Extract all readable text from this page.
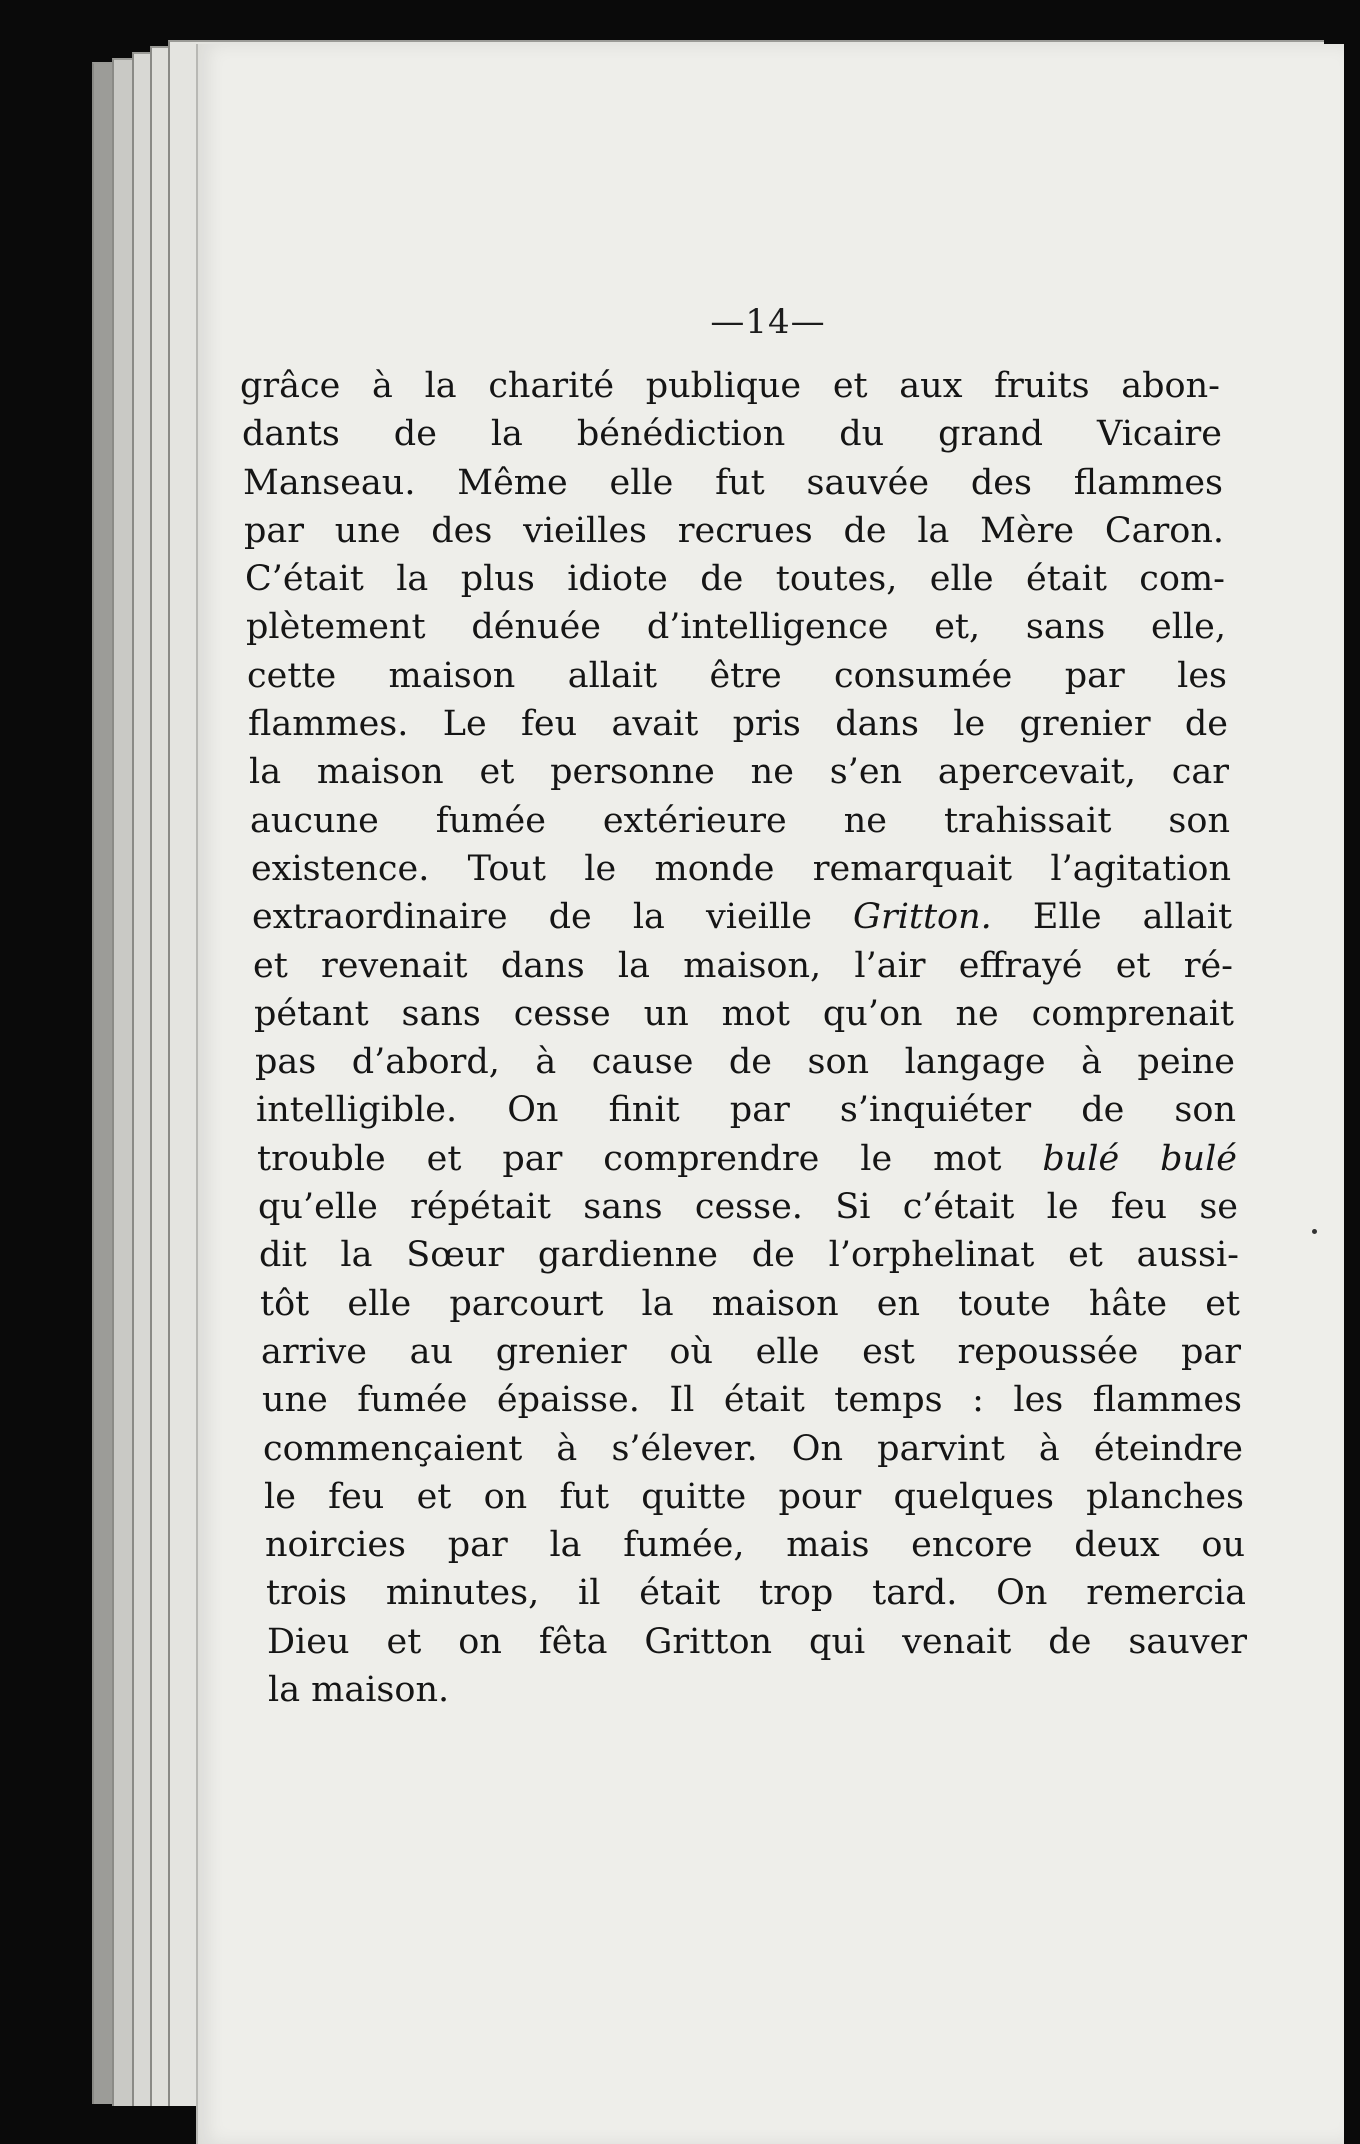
—14—
grâce à la charité publique et aux fruits abon-
dants de la bénédiction du grand Vicaire
Manseau. Même elle fut sauvée des flammes
par une des vieilles recrues de la Mère Caron.
C’était la plus idiote de toutes, elle était com-
plètement dénuée d’intelligence et, sans elle,
cette maison allait être consumée par les
flammes. Le feu avait pris dans le grenier de
la maison et personne ne s’en apercevait, car
aucune fumée extérieure ne trahissait son
existence. Tout le monde remarquait l’agitation
extraordinaire de la vieille Gritton. Elle allait
et revenait dans la maison, l’air effrayé et ré-
pétant sans cesse un mot qu’on ne comprenait
pas d’abord, à cause de son langage à peine
intelligible. On finit par s’inquiéter de son
trouble et par comprendre le mot bulé bulé
qu’elle répétait sans cesse. Si c’était le feu se
dit la Sœur gardienne de l’orphelinat et aussi-
tôt elle parcourt la maison en toute hâte et
arrive au grenier où elle est repoussée par
une fumée épaisse. Il était temps : les flammes
commençaient à s’élever. On parvint à éteindre
le feu et on fut quitte pour quelques planches
noircies par la fumée, mais encore deux ou
trois minutes, il était trop tard. On remercia
Dieu et on fêta Gritton qui venait de sauver
la maison.
